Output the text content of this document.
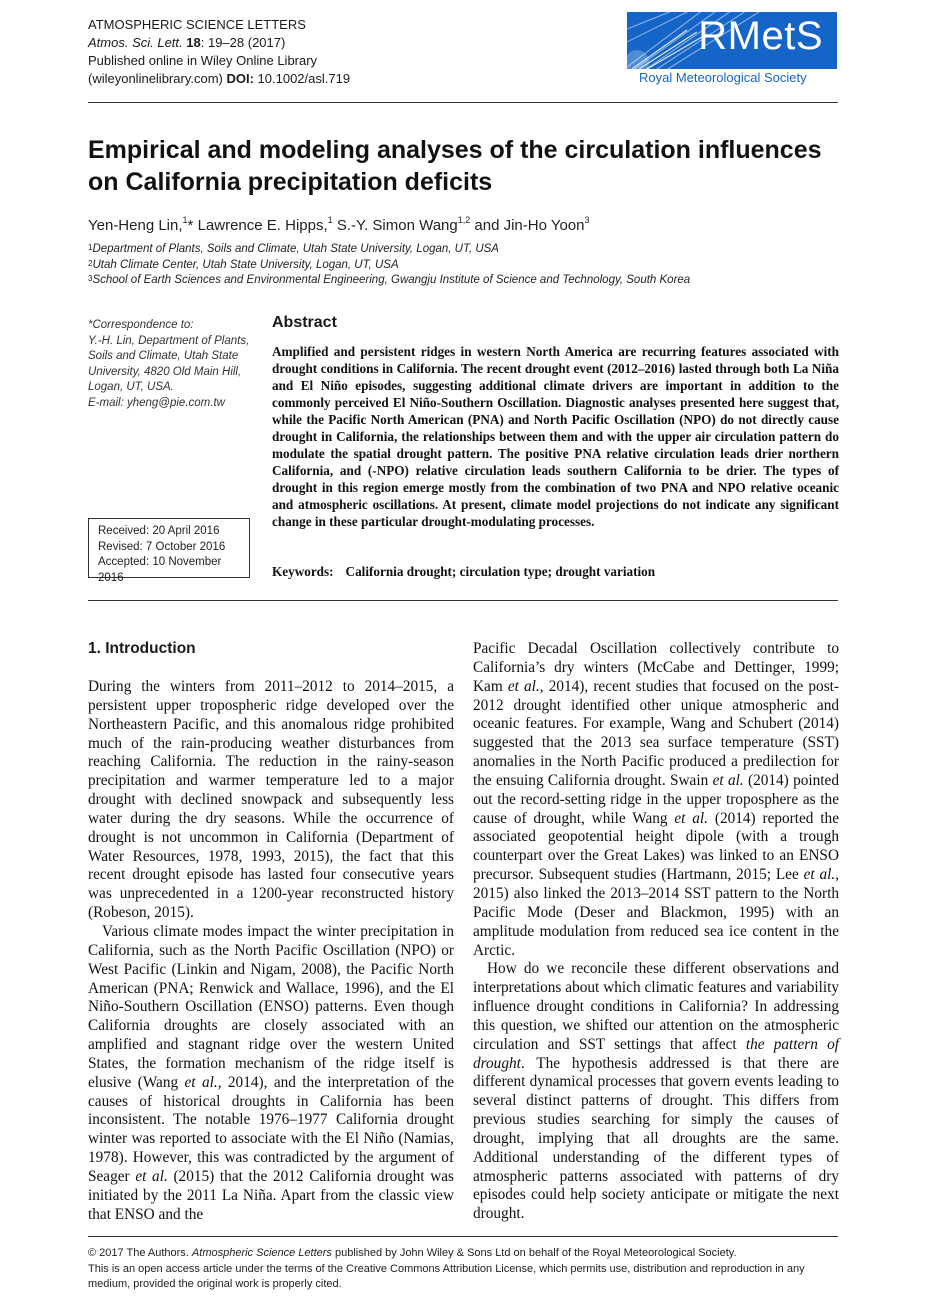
ATMOSPHERIC SCIENCE LETTERS
Atmos. Sci. Lett. 18: 19–28 (2017)
Published online in Wiley Online Library
(wileyonlinelibrary.com) DOI: 10.1002/asl.719
RMetS
Royal Meteorological Society
Empirical and modeling analyses of the circulation influences on California precipitation deficits
Yen-Heng Lin,$^1$* Lawrence E. Hipps,$^1$ S.-Y. Simon Wang$^{1,2}$ and Jin-Ho Yoon$^3$
$^1$Department of Plants, Soils and Climate, Utah State University, Logan, UT, USA
$^2$Utah Climate Center, Utah State University, Logan, UT, USA
$^3$School of Earth Sciences and Environmental Engineering, Gwangju Institute of Science and Technology, South Korea
*Correspondence to:
Y.-H. Lin, Department of Plants,
Soils and Climate, Utah State
University, 4820 Old Main Hill,
Logan, UT, USA.
E-mail: yheng@pie.com.tw
Received: 20 April 2016
Revised: 7 October 2016
Accepted: 10 November 2016
Abstract
Amplified and persistent ridges in western North America are recurring features associated with drought conditions in California. The recent drought event (2012–2016) lasted through both La Niña and El Niño episodes, suggesting additional climate drivers are important in addition to the commonly perceived El Niño-Southern Oscillation. Diagnostic analyses presented here suggest that, while the Pacific North American (PNA) and North Pacific Oscillation (NPO) do not directly cause drought in California, the relationships between them and with the upper air circulation pattern do modulate the spatial drought pattern. The positive PNA relative circulation leads drier northern California, and (-NPO) relative circulation leads southern California to be drier. The types of drought in this region emerge mostly from the combination of two PNA and NPO relative oceanic and atmospheric oscillations. At present, climate model projections do not indicate any significant change in these particular drought-modulating processes.
Keywords: California drought; circulation type; drought variation
1. Introduction

During the winters from 2011–2012 to 2014–2015, a persistent upper tropospheric ridge developed over the Northeastern Pacific, and this anomalous ridge prohibited much of the rain-producing weather disturbances from reaching California. The reduction in the rainy-season precipitation and warmer temperature led to a major drought with declined snowpack and subsequently less water during the dry seasons. While the occurrence of drought is not uncommon in California (Department of Water Resources, 1978, 1993, 2015), the fact that this recent drought episode has lasted four consecutive years was unprecedented in a 1200-year reconstructed history (Robeson, 2015).

Various climate modes impact the winter precipitation in California, such as the North Pacific Oscillation (NPO) or West Pacific (Linkin and Nigam, 2008), the Pacific North American (PNA; Renwick and Wallace, 1996), and the El Niño-Southern Oscillation (ENSO) patterns. Even though California droughts are closely associated with an amplified and stagnant ridge over the western United States, the formation mechanism of the ridge itself is elusive (Wang et al., 2014), and the interpretation of the causes of historical droughts in California has been inconsistent. The notable 1976–1977 California drought winter was reported to associate with the El Niño (Namias, 1978). However, this was contradicted by the argument of Seager et al. (2015) that the 2012 California drought was initiated by the 2011 La Niña. Apart from the classic view that ENSO and the

Pacific Decadal Oscillation collectively contribute to California’s dry winters (McCabe and Dettinger, 1999; Kam et al., 2014), recent studies that focused on the post-2012 drought identified other unique atmospheric and oceanic features. For example, Wang and Schubert (2014) suggested that the 2013 sea surface temperature (SST) anomalies in the North Pacific produced a predilection for the ensuing California drought. Swain et al. (2014) pointed out the record-setting ridge in the upper troposphere as the cause of drought, while Wang et al. (2014) reported the associated geopotential height dipole (with a trough counterpart over the Great Lakes) was linked to an ENSO precursor. Subsequent studies (Hartmann, 2015; Lee et al., 2015) also linked the 2013–2014 SST pattern to the North Pacific Mode (Deser and Blackmon, 1995) with an amplitude modulation from reduced sea ice content in the Arctic.

How do we reconcile these different observations and interpretations about which climatic features and variability influence drought conditions in California? In addressing this question, we shifted our attention on the atmospheric circulation and SST settings that affect the pattern of drought. The hypothesis addressed is that there are different dynamical processes that govern events leading to several distinct patterns of drought. This differs from previous studies searching for simply the causes of drought, implying that all droughts are the same. Additional understanding of the different types of atmospheric patterns associated with patterns of dry episodes could help society anticipate or mitigate the next drought.

© 2017 The Authors. Atmospheric Science Letters published by John Wiley & Sons Ltd on behalf of the Royal Meteorological Society.
This is an open access article under the terms of the Creative Commons Attribution License, which permits use, distribution and reproduction in any medium, provided the original work is properly cited.
